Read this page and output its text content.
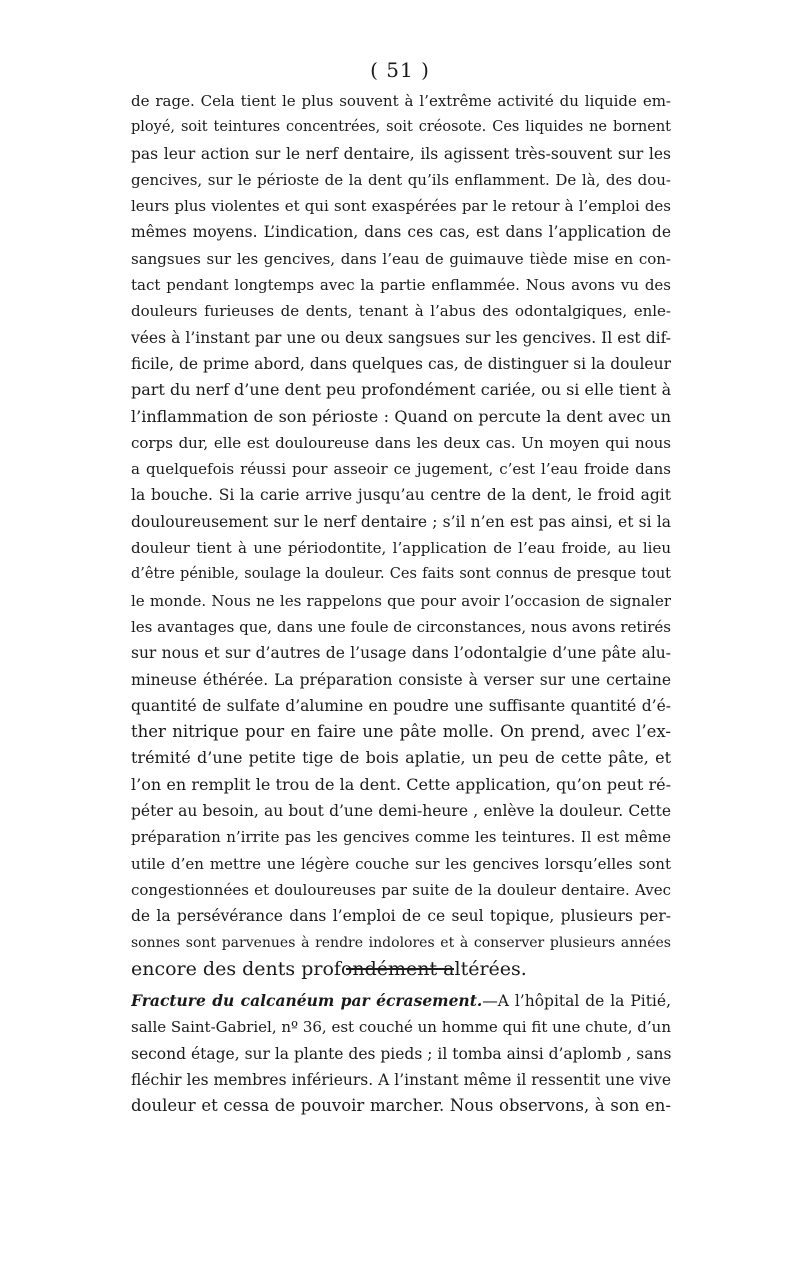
( 51 )
de rage. Cela tient le plus souvent à l’extrême activité du liquide em-
ployé, soit teintures concentrées, soit créosote. Ces liquides ne bornent
pas leur action sur le nerf dentaire, ils agissent très-souvent sur les
gencives, sur le périoste de la dent qu’ils enflamment. De là, des dou-
leurs plus violentes et qui sont exaspérées par le retour à l’emploi des
mêmes moyens. L’indication, dans ces cas, est dans l’application de
sangsues sur les gencives, dans l’eau de guimauve tiède mise en con-
tact pendant longtemps avec la partie enflammée. Nous avons vu des
douleurs furieuses de dents, tenant à l’abus des odontalgiques, enle-
vées à l’instant par une ou deux sangsues sur les gencives. Il est dif-
ficile, de prime abord, dans quelques cas, de distinguer si la douleur
part du nerf d’une dent peu profondément cariée, ou si elle tient à
l’inflammation de son périoste : Quand on percute la dent avec un
corps dur, elle est douloureuse dans les deux cas. Un moyen qui nous
a quelquefois réussi pour asseoir ce jugement, c’est l’eau froide dans
la bouche. Si la carie arrive jusqu’au centre de la dent, le froid agit
douloureusement sur le nerf dentaire ; s’il n’en est pas ainsi, et si la
douleur tient à une périodontite, l’application de l’eau froide, au lieu
d’être pénible, soulage la douleur. Ces faits sont connus de presque tout
le monde. Nous ne les rappelons que pour avoir l’occasion de signaler
les avantages que, dans une foule de circonstances, nous avons retirés
sur nous et sur d’autres de l’usage dans l’odontalgie d’une pâte alu-
mineuse éthérée. La préparation consiste à verser sur une certaine
quantité de sulfate d’alumine en poudre une suffisante quantité d’é-
ther nitrique pour en faire une pâte molle. On prend, avec l’ex-
trémité d’une petite tige de bois aplatie, un peu de cette pâte, et
l’on en remplit le trou de la dent. Cette application, qu’on peut ré-
péter au besoin, au bout d’une demi-heure , enlève la douleur. Cette
préparation n’irrite pas les gencives comme les teintures. Il est même
utile d’en mettre une légère couche sur les gencives lorsqu’elles sont
congestionnées et douloureuses par suite de la douleur dentaire. Avec
de la persévérance dans l’emploi de ce seul topique, plusieurs per-
sonnes sont parvenues à rendre indolores et à conserver plusieurs années
encore des dents profondément altérées.
Fracture du calcanéum par écrasement.—A l’hôpital de la Pitié,
salle Saint-Gabriel, nº 36, est couché un homme qui fit une chute, d’un
second étage, sur la plante des pieds ; il tomba ainsi d’aplomb , sans
fléchir les membres inférieurs. A l’instant même il ressentit une vive
douleur et cessa de pouvoir marcher. Nous observons, à son en-
